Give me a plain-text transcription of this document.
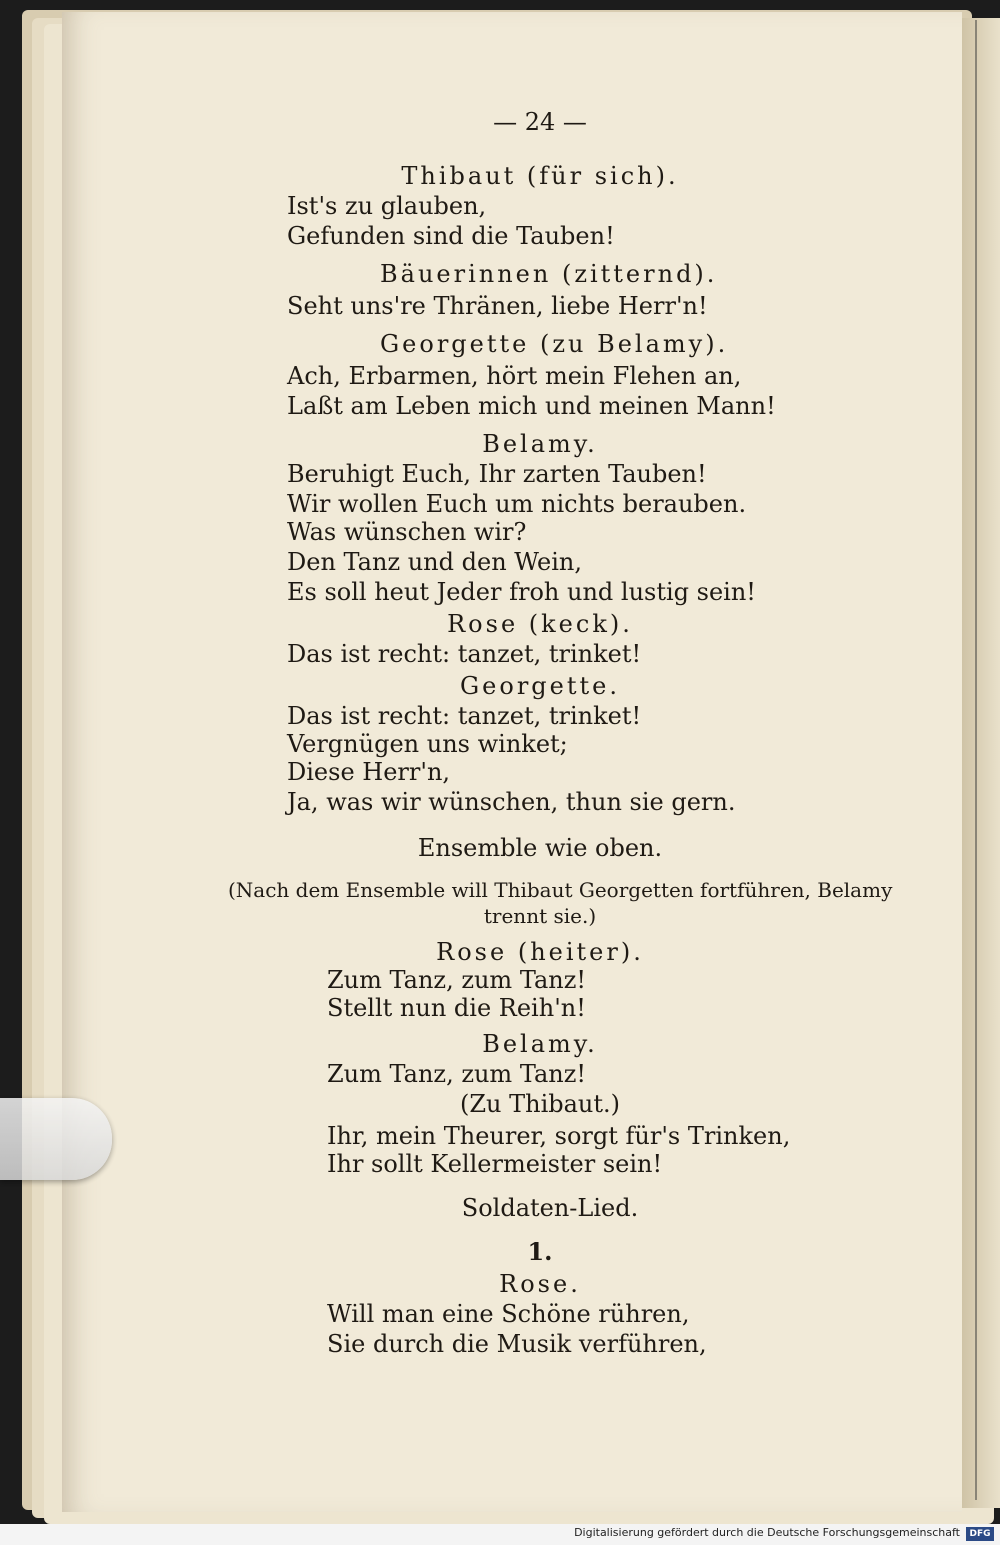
— 24 —
Thibaut (für sich).
Ist's zu glauben,
Gefunden sind die Tauben!
Bäuerinnen (zitternd).
Seht uns're Thränen, liebe Herr'n!
Georgette (zu Belamy).
Ach, Erbarmen, hört mein Flehen an,
Laßt am Leben mich und meinen Mann!
Belamy.
Beruhigt Euch, Ihr zarten Tauben!
Wir wollen Euch um nichts berauben.
Was wünschen wir?
Den Tanz und den Wein,
Es soll heut Jeder froh und lustig sein!
Rose (keck).
Das ist recht: tanzet, trinket!
Georgette.
Das ist recht: tanzet, trinket!
Vergnügen uns winket;
Diese Herr'n,
Ja, was wir wünschen, thun sie gern.
Ensemble wie oben.
(Nach dem Ensemble will Thibaut Georgetten fortführen, Belamy
trennt sie.)
Rose (heiter).
Zum Tanz, zum Tanz!
Stellt nun die Reih'n!
Belamy.
Zum Tanz, zum Tanz!
(Zu Thibaut.)
Ihr, mein Theurer, sorgt für's Trinken,
Ihr sollt Kellermeister sein!
Soldaten-Lied.
1.
Rose.
Will man eine Schöne rühren,
Sie durch die Musik verführen,
Digitalisierung gefördert durch die Deutsche Forschungsgemeinschaft	DFG
